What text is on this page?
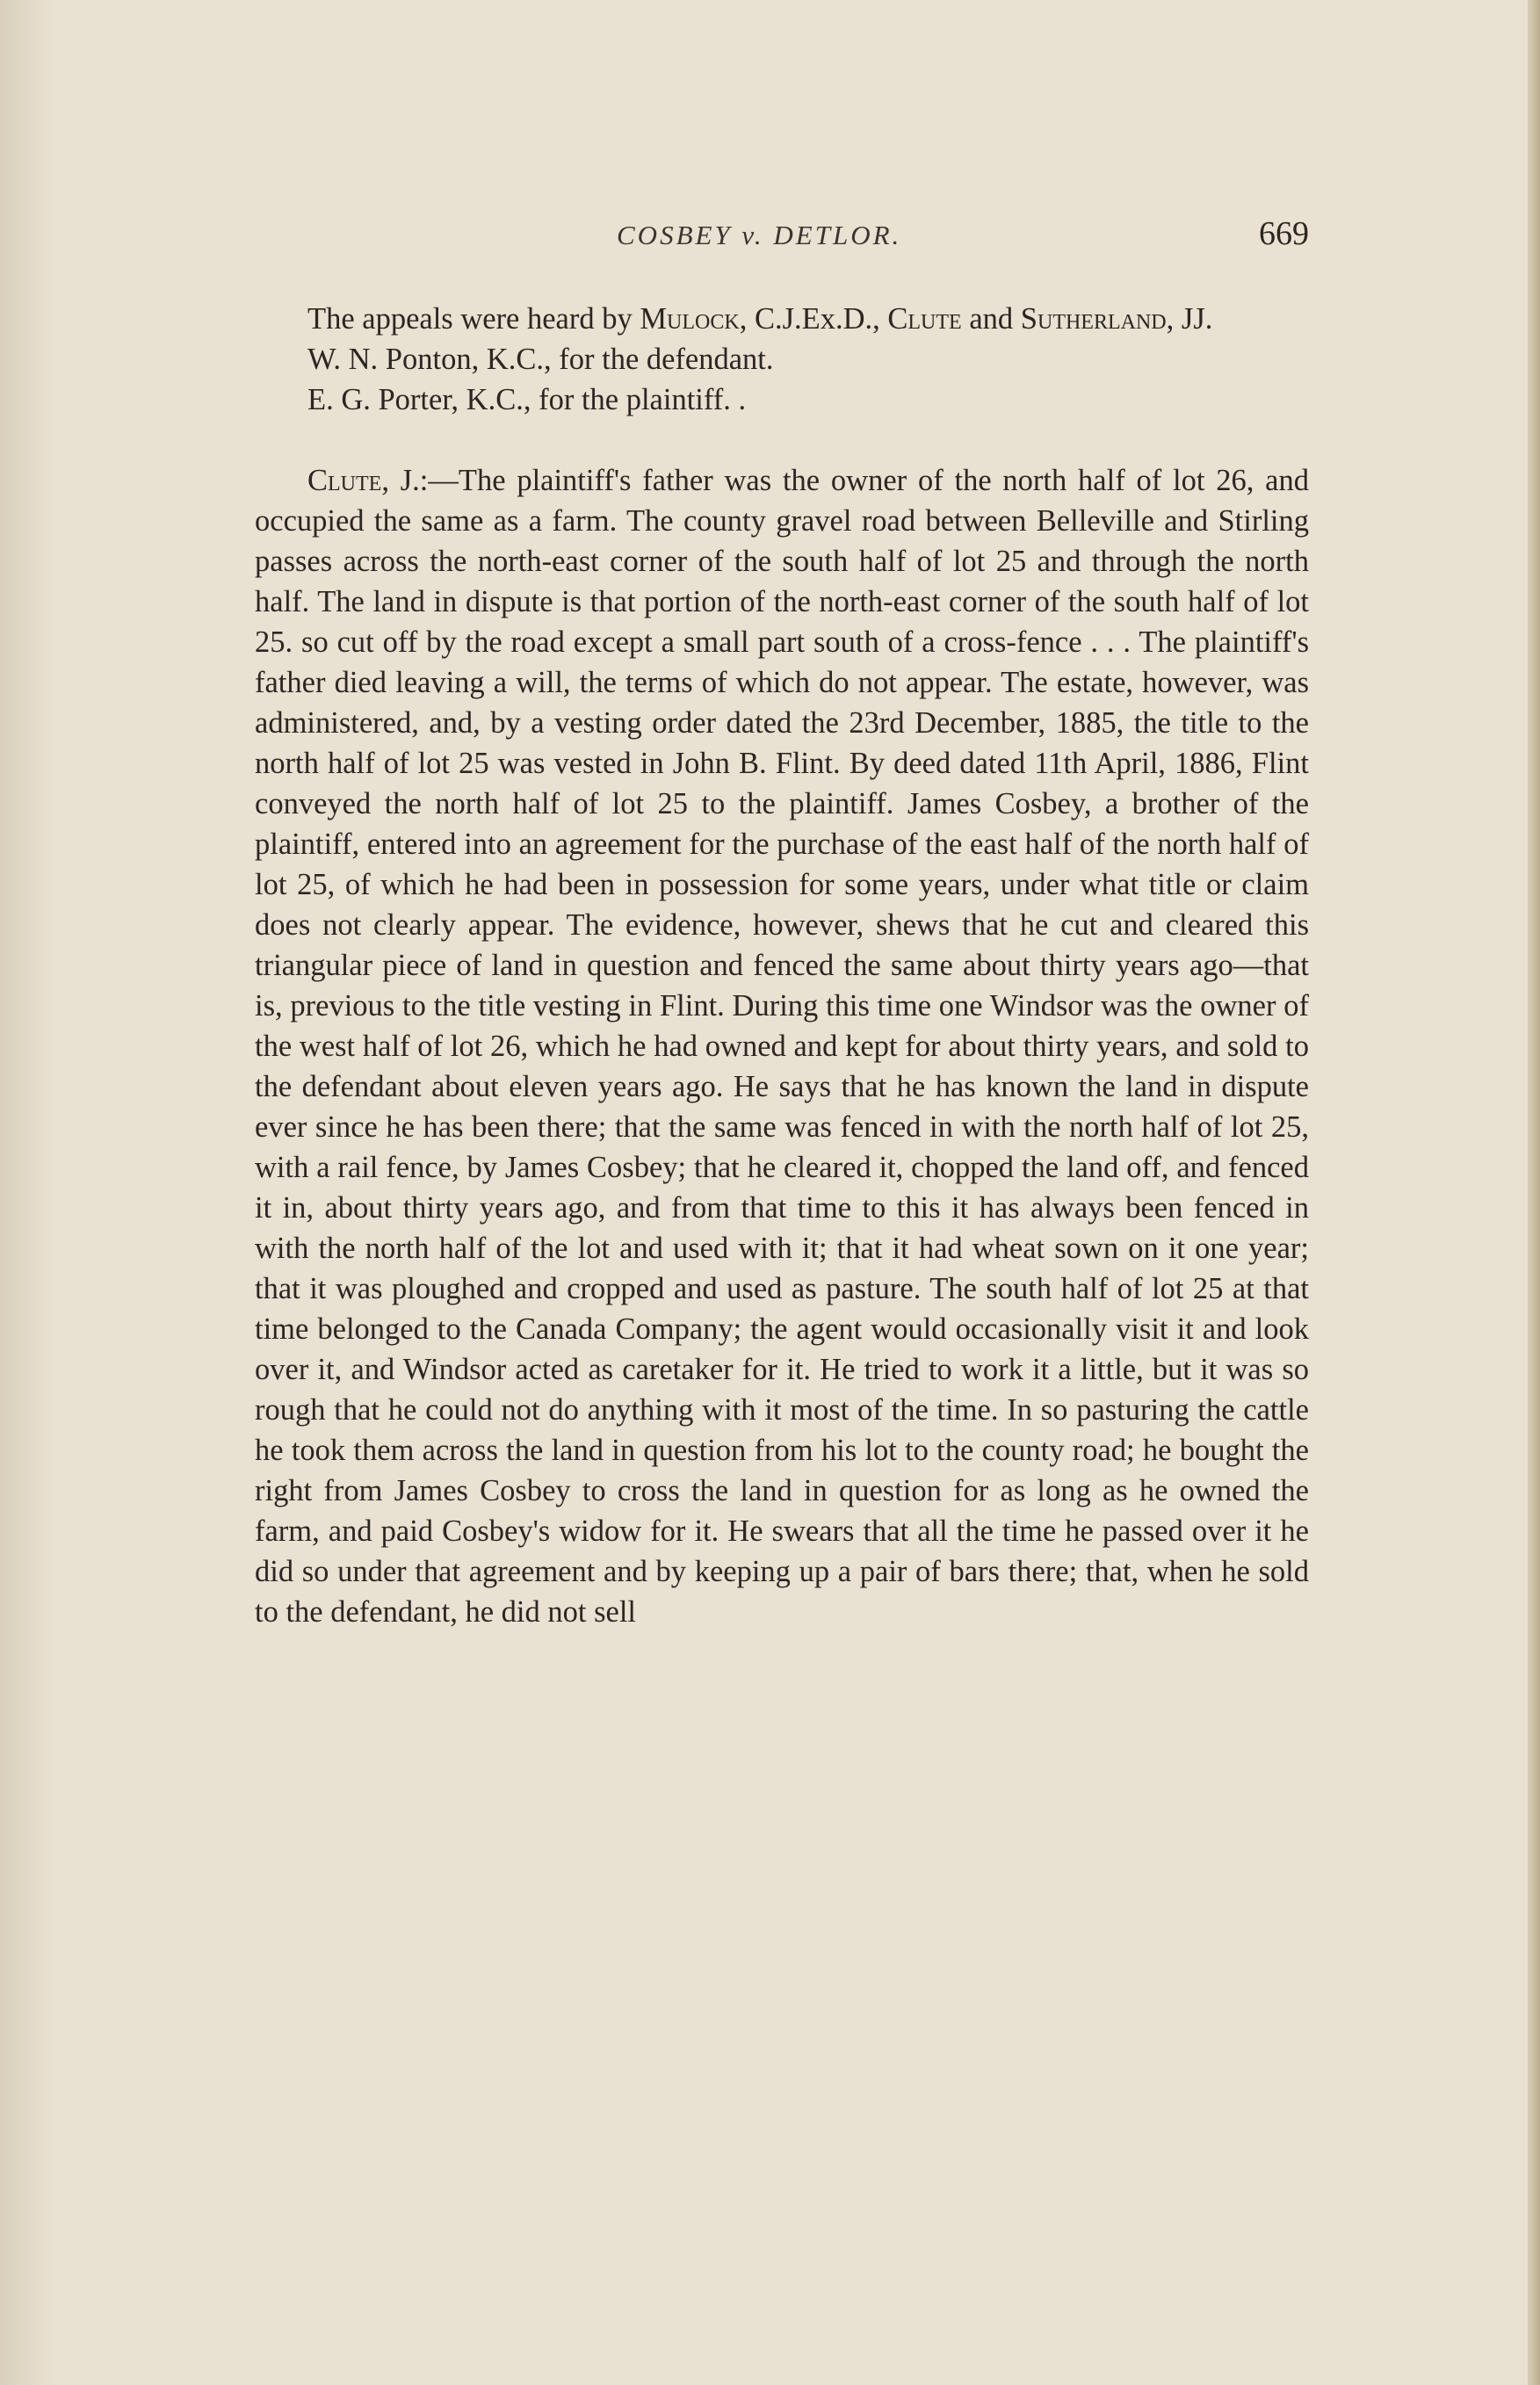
COSBEY v. DETLOR.	669

The appeals were heard by Mulock, C.J.Ex.D., Clute and Sutherland, JJ.

W. N. Ponton, K.C., for the defendant.

E. G. Porter, K.C., for the plaintiff. .

Clute, J.:—The plaintiff's father was the owner of the north half of lot 26, and occupied the same as a farm. The county gravel road between Belleville and Stirling passes across the north-east corner of the south half of lot 25 and through the north half. The land in dispute is that portion of the north-east corner of the south half of lot 25. so cut off by the road except a small part south of a cross-fence . . . The plaintiff's father died leaving a will, the terms of which do not appear. The estate, however, was administered, and, by a vesting order dated the 23rd December, 1885, the title to the north half of lot 25 was vested in John B. Flint. By deed dated 11th April, 1886, Flint conveyed the north half of lot 25 to the plaintiff. James Cosbey, a brother of the plaintiff, entered into an agreement for the purchase of the east half of the north half of lot 25, of which he had been in possession for some years, under what title or claim does not clearly appear. The evidence, however, shews that he cut and cleared this triangular piece of land in question and fenced the same about thirty years ago—that is, previous to the title vesting in Flint. During this time one Windsor was the owner of the west half of lot 26, which he had owned and kept for about thirty years, and sold to the defendant about eleven years ago. He says that he has known the land in dispute ever since he has been there; that the same was fenced in with the north half of lot 25, with a rail fence, by James Cosbey; that he cleared it, chopped the land off, and fenced it in, about thirty years ago, and from that time to this it has always been fenced in with the north half of the lot and used with it; that it had wheat sown on it one year; that it was ploughed and cropped and used as pasture. The south half of lot 25 at that time belonged to the Canada Company; the agent would occasionally visit it and look over it, and Windsor acted as caretaker for it. He tried to work it a little, but it was so rough that he could not do anything with it most of the time. In so pasturing the cattle he took them across the land in question from his lot to the county road; he bought the right from James Cosbey to cross the land in question for as long as he owned the farm, and paid Cosbey's widow for it. He swears that all the time he passed over it he did so under that agreement and by keeping up a pair of bars there; that, when he sold to the defendant, he did not sell
